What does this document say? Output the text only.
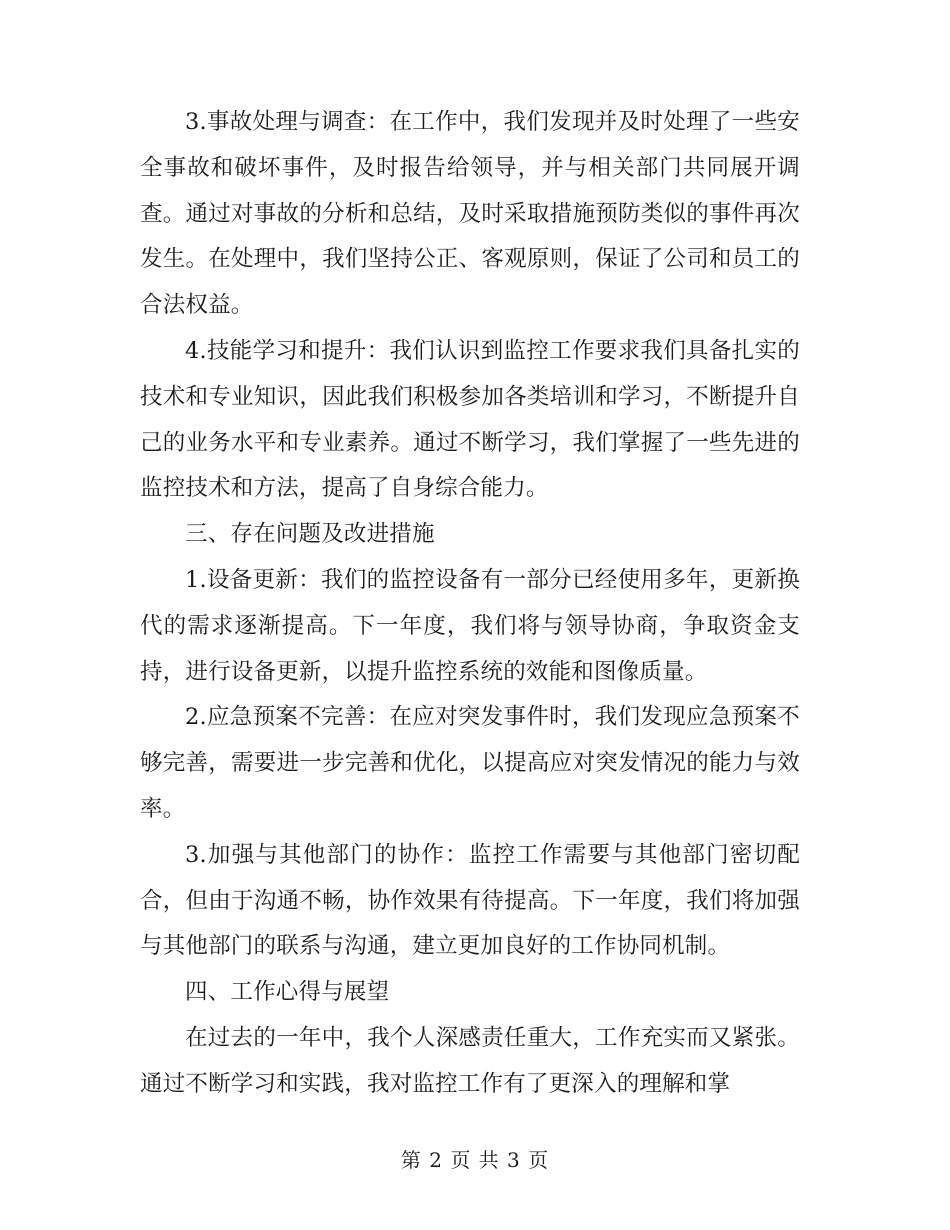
3.事故处理与调查：在工作中，我们发现并及时处理了一些安全事故和破坏事件，及时报告给领导，并与相关部门共同展开调查。通过对事故的分析和总结，及时采取措施预防类似的事件再次发生。在处理中，我们坚持公正、客观原则，保证了公司和员工的合法权益。

4.技能学习和提升：我们认识到监控工作要求我们具备扎实的技术和专业知识，因此我们积极参加各类培训和学习，不断提升自己的业务水平和专业素养。通过不断学习，我们掌握了一些先进的监控技术和方法，提高了自身综合能力。

三、存在问题及改进措施

1.设备更新：我们的监控设备有一部分已经使用多年，更新换代的需求逐渐提高。下一年度，我们将与领导协商，争取资金支持，进行设备更新，以提升监控系统的效能和图像质量。

2.应急预案不完善：在应对突发事件时，我们发现应急预案不够完善，需要进一步完善和优化，以提高应对突发情况的能力与效率。

3.加强与其他部门的协作：监控工作需要与其他部门密切配合，但由于沟通不畅，协作效果有待提高。下一年度，我们将加强与其他部门的联系与沟通，建立更加良好的工作协同机制。

四、工作心得与展望

在过去的一年中，我个人深感责任重大，工作充实而又紧张。通过不断学习和实践，我对监控工作有了更深入的理解和掌

第 2 页 共 3 页
